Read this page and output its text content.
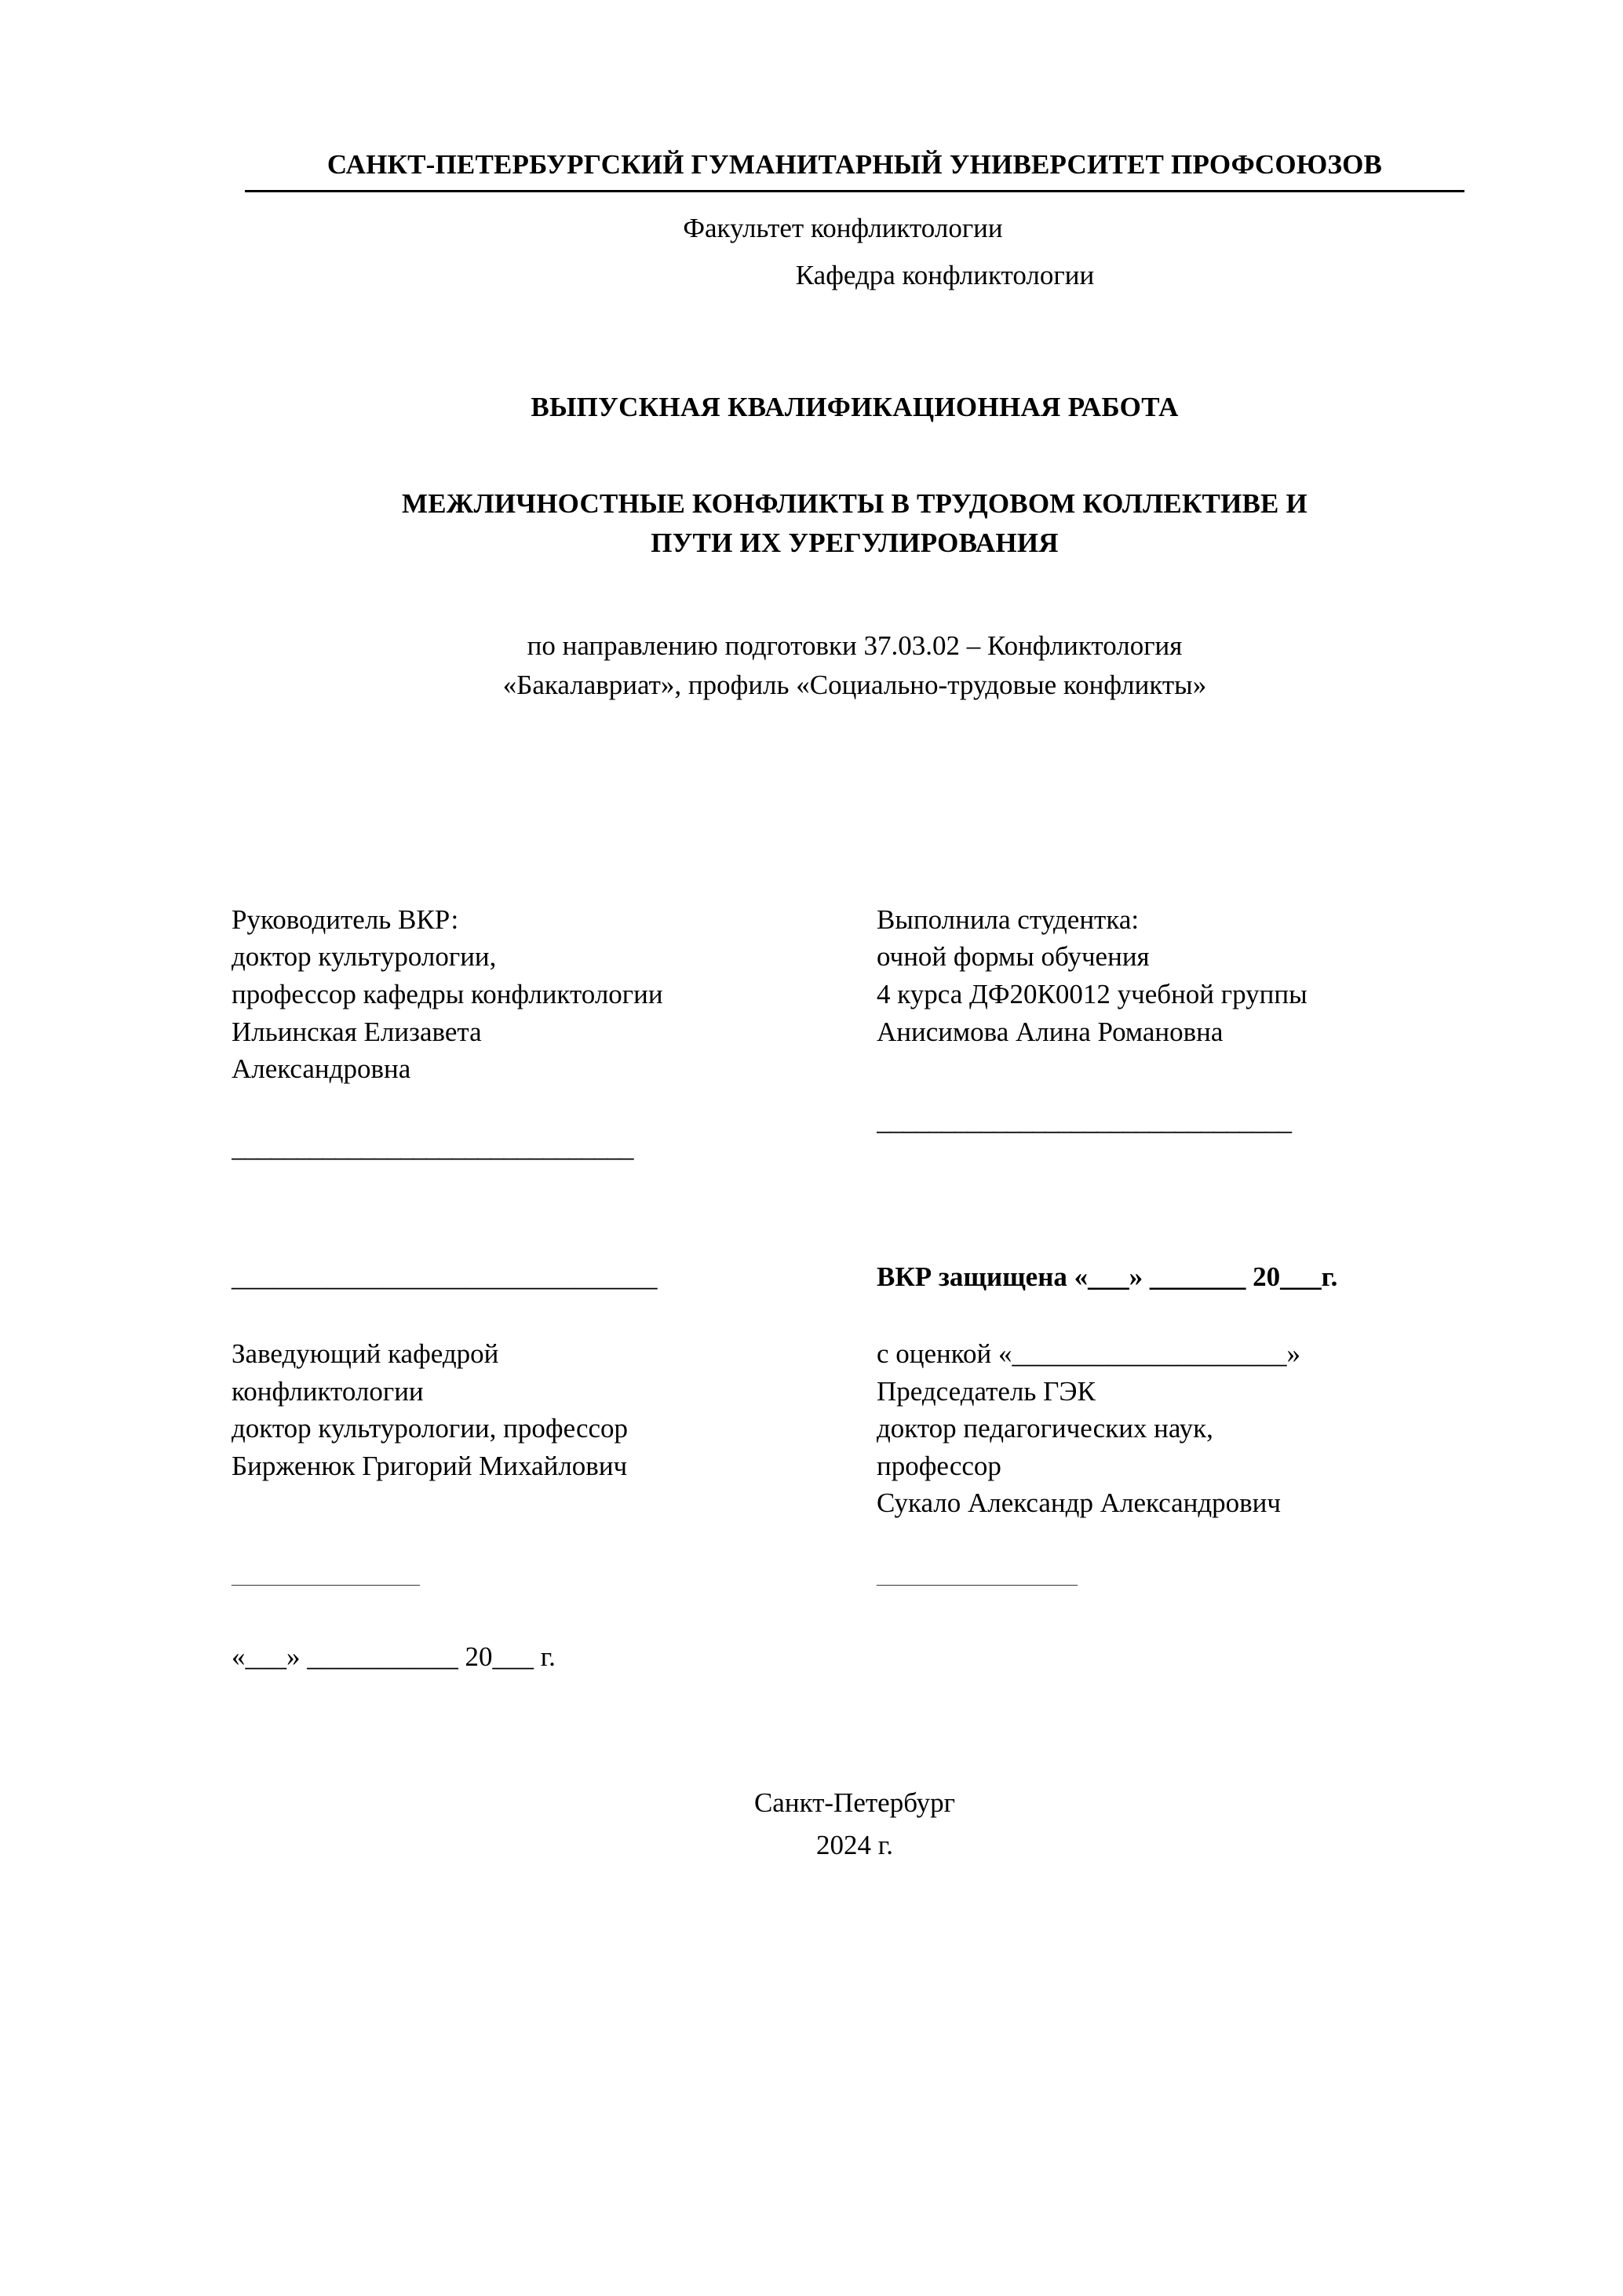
САНКТ-ПЕТЕРБУРГСКИЙ ГУМАНИТАРНЫЙ УНИВЕРСИТЕТ ПРОФСОЮЗОВ
Факультет конфликтологии
Кафедра конфликтологии
ВЫПУСКНАЯ КВАЛИФИКАЦИОННАЯ РАБОТА
МЕЖЛИЧНОСТНЫЕ КОНФЛИКТЫ В ТРУДОВОМ КОЛЛЕКТИВЕ И
ПУТИ ИХ УРЕГУЛИРОВАНИЯ
по направлению подготовки 37.03.02 – Конфликтология
«Бакалавриат», профиль «Социально-трудовые конфликты»
Руководитель ВКР:
доктор культурологии,
профессор кафедры конфликтологии
Ильинская Елизавета
Александровна
_______________________________
Выполнила студентка:
очной формы обучения
4 курса ДФ20К0012 учебной группы
Анисимова Алина Романовна
________________________________
_______________________________	ВКР защищена «___» _______ 20___г.
Заведующий кафедрой
конфликтологии
доктор культурологии, профессор
Бирженюк Григорий Михайлович
с оценкой «____________________»
Председатель ГЭК
доктор педагогических наук,
профессор
Сукало Александр Александрович
______________________________	________________________________
«___» ___________ 20___ г.
Санкт-Петербург
2024 г.
